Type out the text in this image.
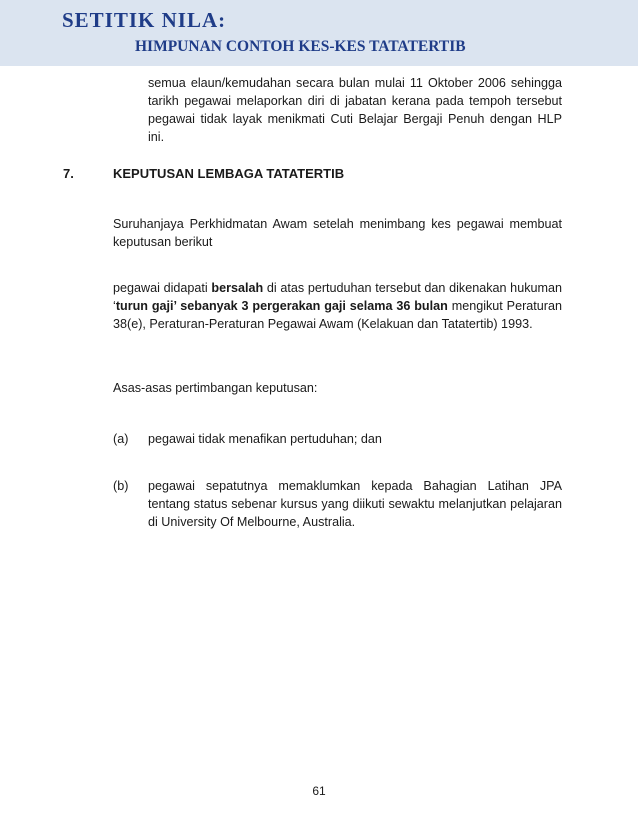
SETITIK NILA:
HIMPUNAN CONTOH KES-KES TATATERTIB

semua elaun/kemudahan secara bulan mulai 11 Oktober 2006 sehingga tarikh pegawai melaporkan diri di jabatan kerana pada tempoh tersebut pegawai tidak layak menikmati Cuti Belajar Bergaji Penuh dengan HLP ini.

7.	KEPUTUSAN LEMBAGA TATATERTIB

Suruhanjaya Perkhidmatan Awam setelah menimbang kes pegawai membuat keputusan berikut

pegawai didapati bersalah di atas pertuduhan tersebut dan dikenakan hukuman ‘turun gaji’ sebanyak 3 pergerakan gaji selama 36 bulan mengikut Peraturan 38(e), Peraturan-Peraturan Pegawai Awam (Kelakuan dan Tatatertib) 1993.

Asas-asas pertimbangan keputusan:

(a) pegawai tidak menafikan pertuduhan; dan

(b) pegawai sepatutnya memaklumkan kepada Bahagian Latihan JPA tentang status sebenar kursus yang diikuti sewaktu melanjutkan pelajaran di University Of Melbourne, Australia.

61
